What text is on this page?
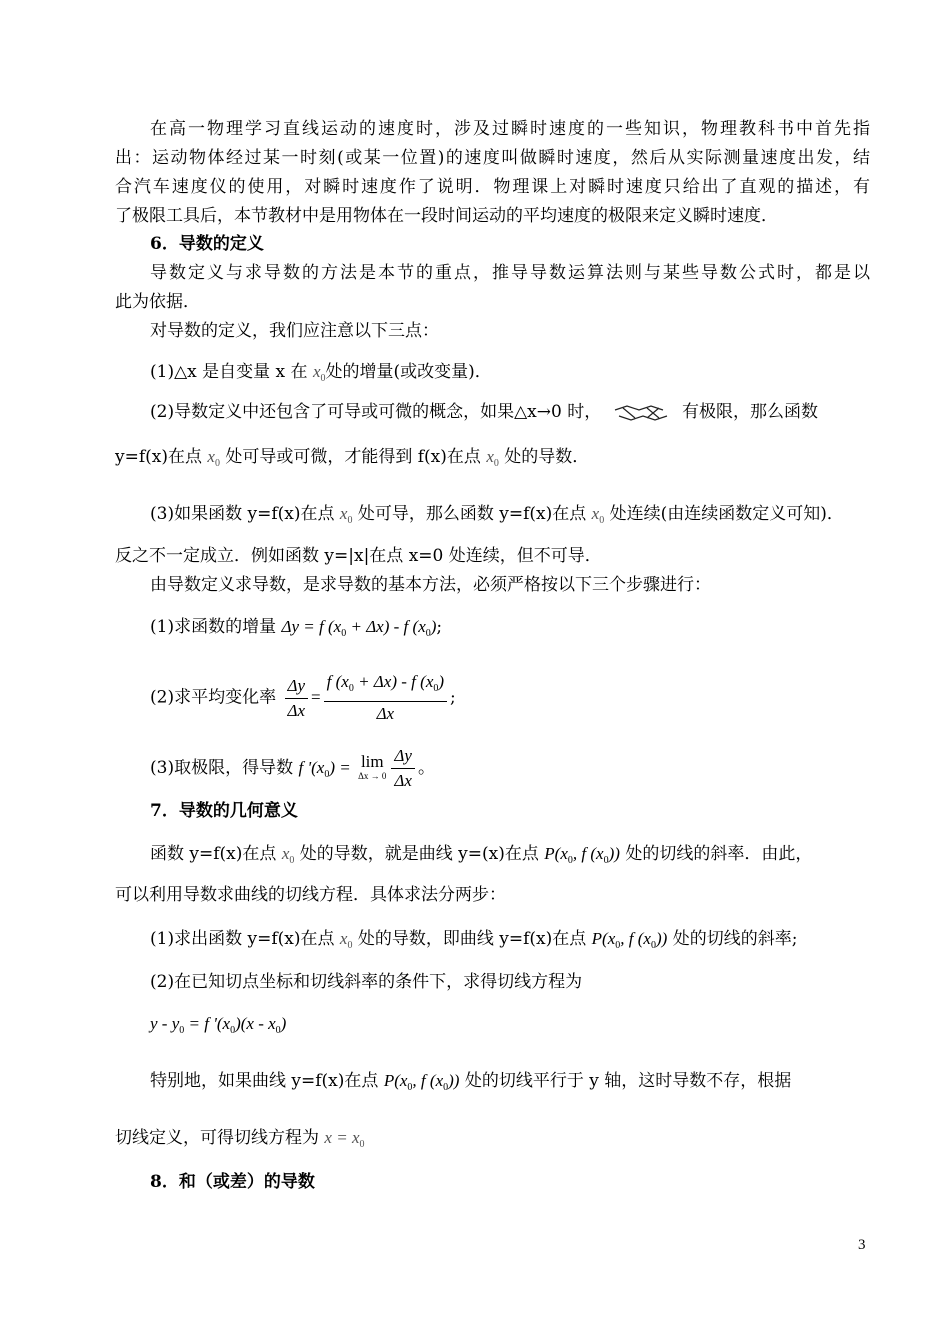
在高一物理学习直线运动的速度时，涉及过瞬时速度的一些知识，物理教科书中首先指
出：运动物体经过某一时刻(或某一位置)的速度叫做瞬时速度，然后从实际测量速度出发，结
合汽车速度仪的使用，对瞬时速度作了说明．物理课上对瞬时速度只给出了直观的描述，有
了极限工具后，本节教材中是用物体在一段时间运动的平均速度的极限来定义瞬时速度．
6．导数的定义
导数定义与求导数的方法是本节的重点，推导导数运算法则与某些导数公式时，都是以
此为依据．
对导数的定义，我们应注意以下三点：
(1)△x 是自变量 x 在 $x_0$处的增量(或改变量)．
(2)导数定义中还包含了可导或可微的概念，如果△x→0 时，	有极限，那么函数
y=f(x)在点 $x_0$ 处可导或可微，才能得到 f(x)在点 $x_0$ 处的导数．
(3)如果函数 y=f(x)在点 $x_0$ 处可导，那么函数 y=f(x)在点 $x_0$ 处连续(由连续函数定义可知)．
反之不一定成立．例如函数 y=|x|在点 x=0 处连续，但不可导．
由导数定义求导数，是求导数的基本方法，必须严格按以下三个步骤进行：
(1)求函数的增量 Δy = f $(x_0 + \Delta x) - f$ $(x_0)$;
(2)求平均变化率 $\frac{\Delta y}{\Delta x} = \frac{f (x_0 + \Delta x) - f (x_0)}{\Delta x}$ ;
(3)取极限，得导数 f '$(x_0) = \lim$
$\Delta x \to 0 \frac{\Delta y}{\Delta x}$ 。
7．导数的几何意义
函数 y=f(x)在点 $x_0$ 处的导数，就是曲线 y=(x)在点 $P(x_0$, f $(x_0)$) 处的切线的斜率．由此，
可以利用导数求曲线的切线方程．具体求法分两步：
(1)求出函数 y=f(x)在点 $x_0$ 处的导数，即曲线 y=f(x)在点 $P(x_0$, f $(x_0)$) 处的切线的斜率;
(2)在已知切点坐标和切线斜率的条件下，求得切线方程为
$y - y_0 = f$ '$(x_0)(x - x_0)$
特别地，如果曲线 y=f(x)在点 $P(x_0$, f $(x_0)$) 处的切线平行于 y 轴，这时导数不存，根据
切线定义，可得切线方程为 $x = x_0$
8．和（或差）的导数
3
